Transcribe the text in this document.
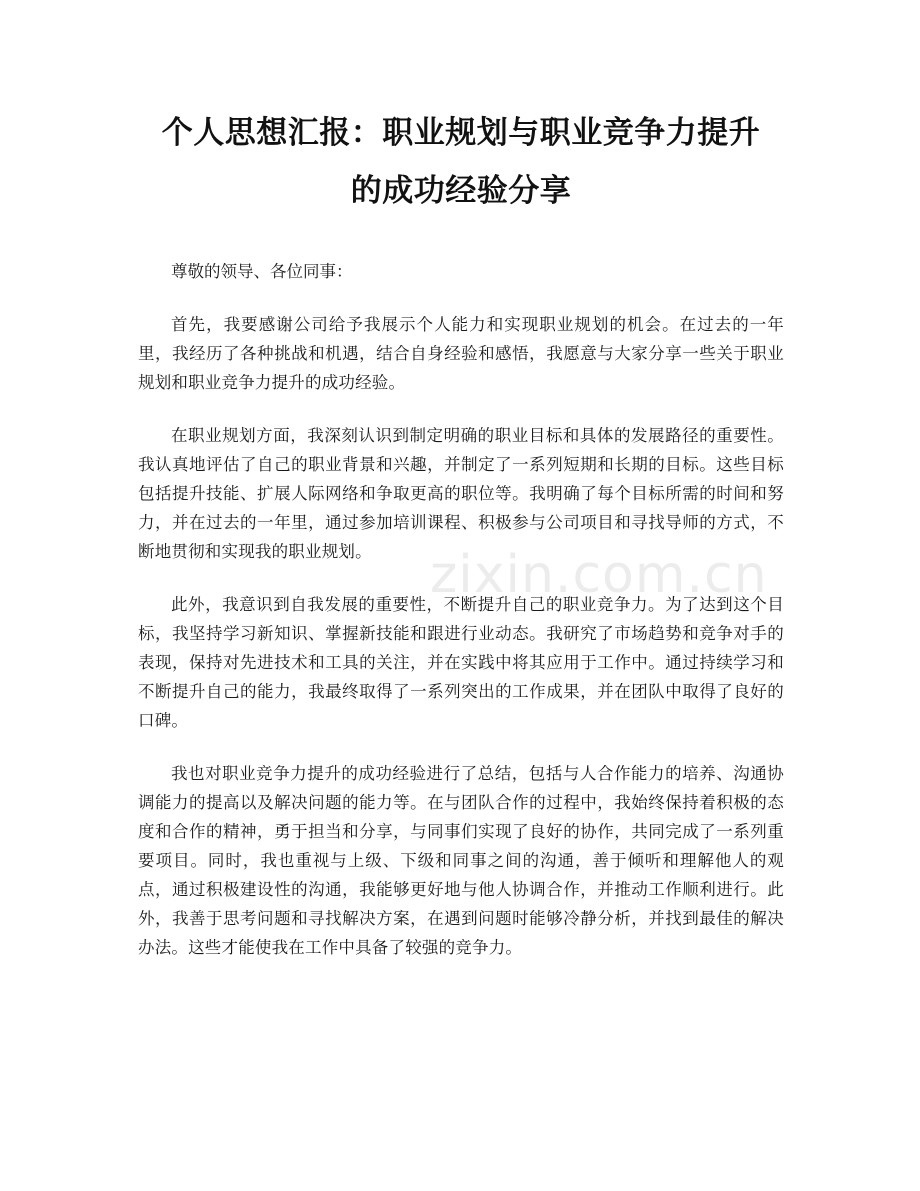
个人思想汇报：职业规划与职业竞争力提升
的成功经验分享

尊敬的领导、各位同事：

首先，我要感谢公司给予我展示个人能力和实现职业规划的机会。在过去的一年里，我经历了各种挑战和机遇，结合自身经验和感悟，我愿意与大家分享一些关于职业规划和职业竞争力提升的成功经验。

在职业规划方面，我深刻认识到制定明确的职业目标和具体的发展路径的重要性。我认真地评估了自己的职业背景和兴趣，并制定了一系列短期和长期的目标。这些目标包括提升技能、扩展人际网络和争取更高的职位等。我明确了每个目标所需的时间和努力，并在过去的一年里，通过参加培训课程、积极参与公司项目和寻找导师的方式，不断地贯彻和实现我的职业规划。

此外，我意识到自我发展的重要性，不断提升自己的职业竞争力。为了达到这个目标，我坚持学习新知识、掌握新技能和跟进行业动态。我研究了市场趋势和竞争对手的表现，保持对先进技术和工具的关注，并在实践中将其应用于工作中。通过持续学习和不断提升自己的能力，我最终取得了一系列突出的工作成果，并在团队中取得了良好的口碑。

我也对职业竞争力提升的成功经验进行了总结，包括与人合作能力的培养、沟通协调能力的提高以及解决问题的能力等。在与团队合作的过程中，我始终保持着积极的态度和合作的精神，勇于担当和分享，与同事们实现了良好的协作，共同完成了一系列重要项目。同时，我也重视与上级、下级和同事之间的沟通，善于倾听和理解他人的观点，通过积极建设性的沟通，我能够更好地与他人协调合作，并推动工作顺利进行。此外，我善于思考问题和寻找解决方案，在遇到问题时能够冷静分析，并找到最佳的解决办法。这些才能使我在工作中具备了较强的竞争力。

zixin.com.cn
